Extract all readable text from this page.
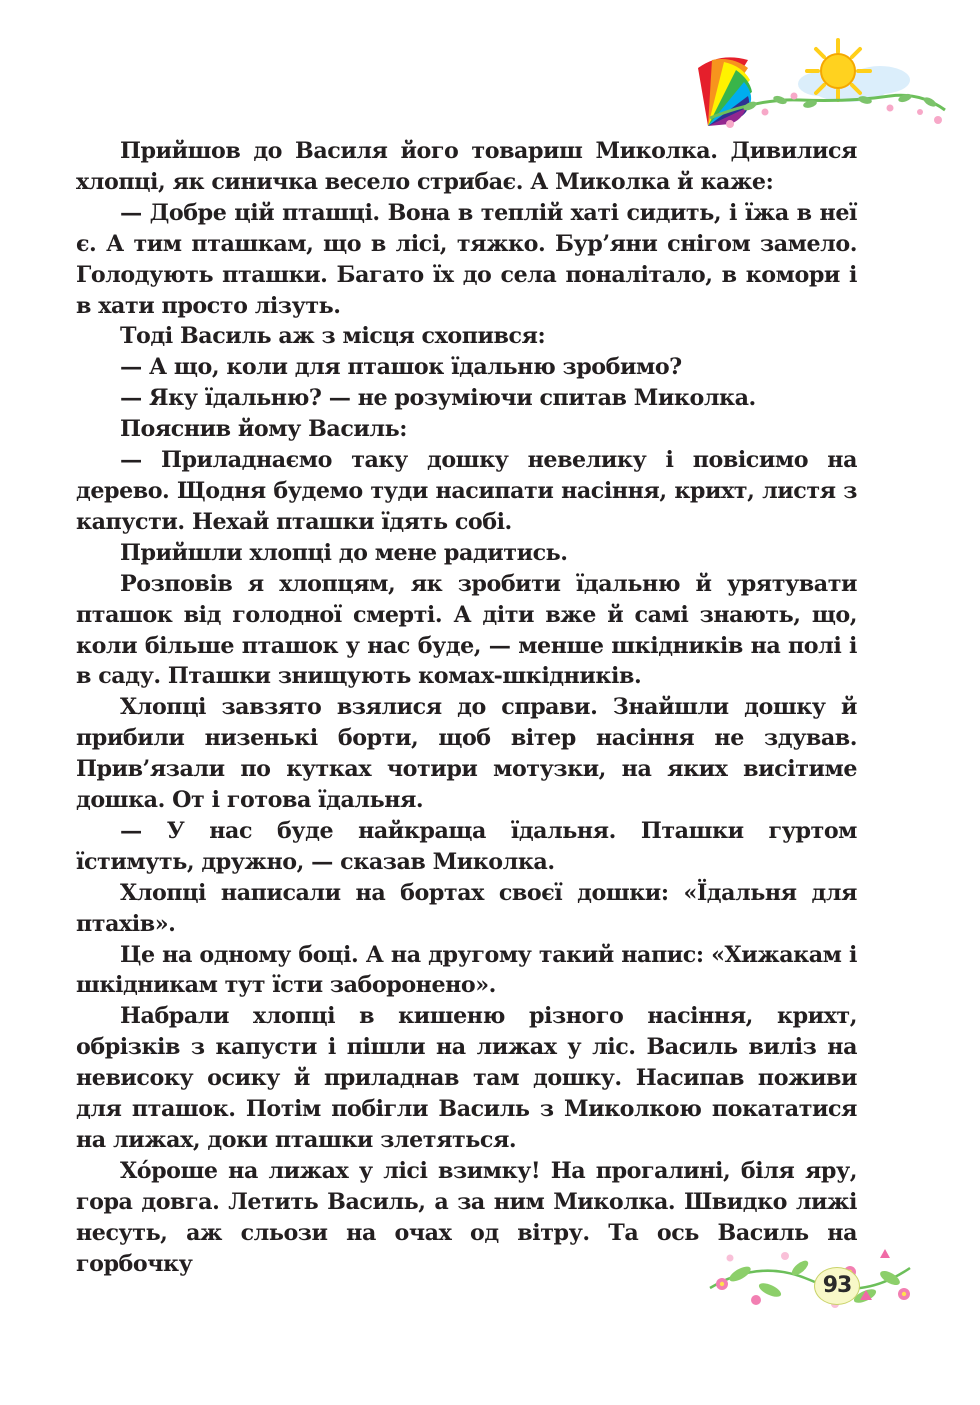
Прийшов до Василя його товариш Миколка. Дивилися хлопці, як синичка весело стрибає. А Миколка й каже:

— Добре цій пташці. Вона в теплій хаті сидить, і їжа в неї є. А тим пташкам, що в лісі, тяжко. Бур’яни снігом замело. Голодують пташки. Багато їх до села поналітало, в комори і в хати просто лізуть.

Тоді Василь аж з місця схопився:

— А що, коли для пташок їдальню зробимо?

— Яку їдальню? — не розуміючи спитав Миколка.

Пояснив йому Василь:

— Приладнаємо таку дошку невелику і повісимо на дерево. Щодня будемо туди насипати насіння, крихт, листя з капусти. Нехай пташки їдять собі.

Прийшли хлопці до мене радитись.

Розповів я хлопцям, як зробити їдальню й урятувати пташок від голодної смерті. А діти вже й самі знають, що, коли більше пташок у нас буде, — менше шкідників на полі і в саду. Пташки знищують комах-шкідників.

Хлопці завзято взялися до справи. Знайшли дошку й прибили низенькі борти, щоб вітер насіння не здував. Прив’язали по кутках чотири мотузки, на яких висітиме дошка. От і готова їдальня.

— У нас буде найкраща їдальня. Пташки гуртом їстимуть, дружно, — сказав Миколка.

Хлопці написали на бортах своєї дошки: «Їдальня для птахів».

Це на одному боці. А на другому такий напис: «Хижакам і шкідникам тут їсти заборонено».

Набрали хлопці в кишеню різного насіння, крихт, обрізків з капусти і пішли на лижах у ліс. Василь виліз на невисоку осику й приладнав там дошку. Насипав поживи для пташок. Потім побігли Василь з Миколкою покататися на лижах, доки пташки злетяться.

Хо́роше на лижах у лісі взимку! На прогалині, біля яру, гора довга. Летить Василь, а за ним Миколка. Швидко лижі несуть, аж сльози на очах од вітру. Та ось Василь на горбочку

93
